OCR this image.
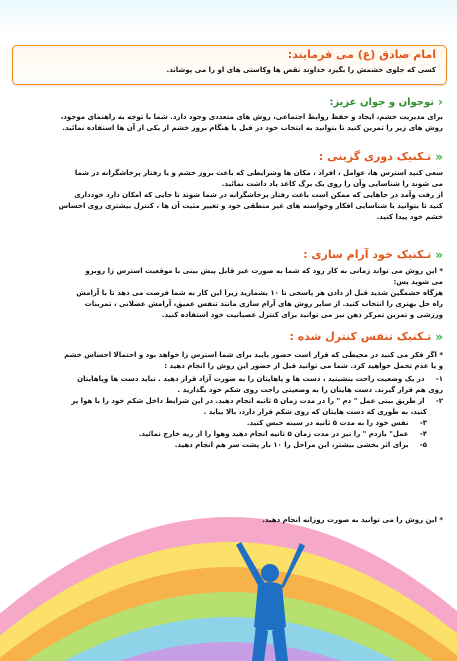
امام صادق (ع) می فرمایند:
کسی که جلوی خشمش را بگیرد خداوند نقص ها وکاستی های او را می پوشاند.
‹
نوجوان و جوان عزیز:

برای مدیریت خشم، ایجاد و حفظ روابط اجتماعی، روش های متعددی وجود دارد. شما با توجه به راهنمای موجود،

روش های زیر را تمرین کنید تا بتوانید به انتخاب خود در قبل یا هنگام بروز خشم از یکی از آن ها استفاده نمائید.

«
تـکنیک دوری گزینی :

سعی کنید استرس ها، عوامل ، افراد ، مکان ها وشرایطی که باعث بروز خشم و یا رفتار پرخاشگرانه در شما

می شوند را شناسایی وآن را روی یک برگ کاغذ یاد داشت نمائید.

از رفت وآمد در جاهایی که ممکن است باعث رفتار پرخاشگرانه در شما شوند تا جایی که امکان دارد خودداری

کنید تا بتوانید با شناسایی افکار وخواسته های غیر منطقی خود و تغییر مثبت آن ها ، کنترل بیشتری روی احساس

خشم خود پیدا کنید.

«
تـکنیک خود آرام سازی :

* این روش می تواند زمانی به کار رود که شما به صورت غیر قابل پیش بینی با موقعیت استرس زا روبرو

می شوید پس:

هرگاه خشمگین شدید قبل از دادن هر پاسخی تا ۱۰ بشمارید زیرا این کار به شما فرصت می دهد تا با آرامش

راه حل بهتری را انتخاب کنید. از سایر روش های آرام سازی مانند تنفس عمیق، آرامش عضلانی ، تمرینات

ورزشی و تمرین تمرکز ذهن نیز می توانید برای کنترل عصبانیت خود استفاده کنید.

«
تـکنیک تنفس کنترل شده :

* اگر فکر می کنید در محیطی که قرار است حضور یابید برای شما استرس زا خواهد بود و احتمالا احساس خشم

و یا عدم تحمل خواهید کرد. شما می توانید قبل از حضور این روش را انجام دهید :

۱- در یک وضعیت راحت بنشینید ، دست ها و پاهایتان را به صورت آزاد قرار دهید . نباید دست ها وپاهایتان
روی هم قرار گیرند. دست هایتان را به وضعیتی راحت روی شکم خود بگذارید .
۲- از طریق بینی عمل " دم " را در مدت زمان ۵ ثانیه انجام دهید. در این شرایط داخل شکم خود را با هوا پر
کنید، به طوری که دست هایتان که روی شکم قرار دارد، بالا بیاید .
۳- نفس خود را به مدت ۵ ثانیه در سینه حبس کنید.
۴- عمل" بازدم " را نیز در مدت زمان ۵ ثانیه انجام دهید وهوا را از ریه خارج نمائید.
۵- برای اثر بخشی بیشتر، این مراحل را ۱۰ بار پشت سر هم انجام دهید.

* این روش را می توانید به صورت روزانه انجام دهید.
